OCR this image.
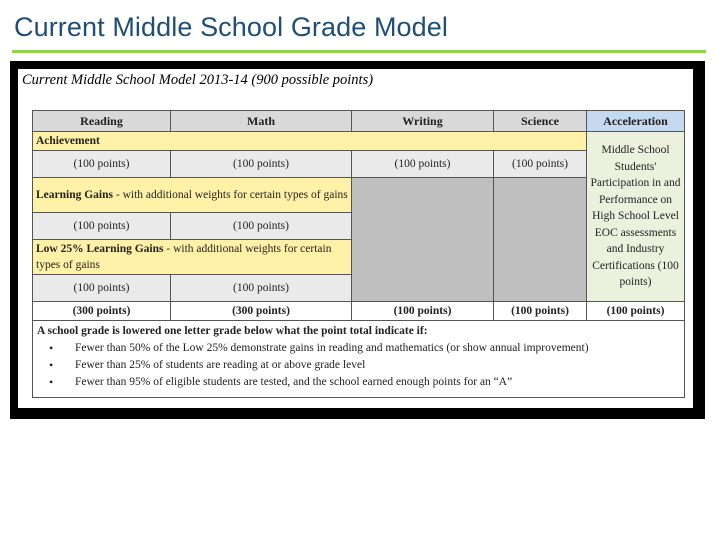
Current Middle School Grade Model
Current Middle School Model 2013-14 (900 possible points)
Reading	Math	Writing	Science	Acceleration
Achievement
(100 points)	(100 points)	(100 points)	(100 points)
Learning Gains - with additional weights for certain types of gains
(100 points)	(100 points)
Low 25% Learning Gains - with additional weights for certain types of gains
(100 points)	(100 points)
Middle School Students' Participation in and Performance on High School Level EOC assessments and Industry Certifications (100 points)
(300 points)	(300 points)	(100 points)	(100 points)	(100 points)
A school grade is lowered one letter grade below what the point total indicate if:
• Fewer than 50% of the Low 25% demonstrate gains in reading and mathematics (or show annual improvement)
• Fewer than 25% of students are reading at or above grade level
• Fewer than 95% of eligible students are tested, and the school earned enough points for an “A”
